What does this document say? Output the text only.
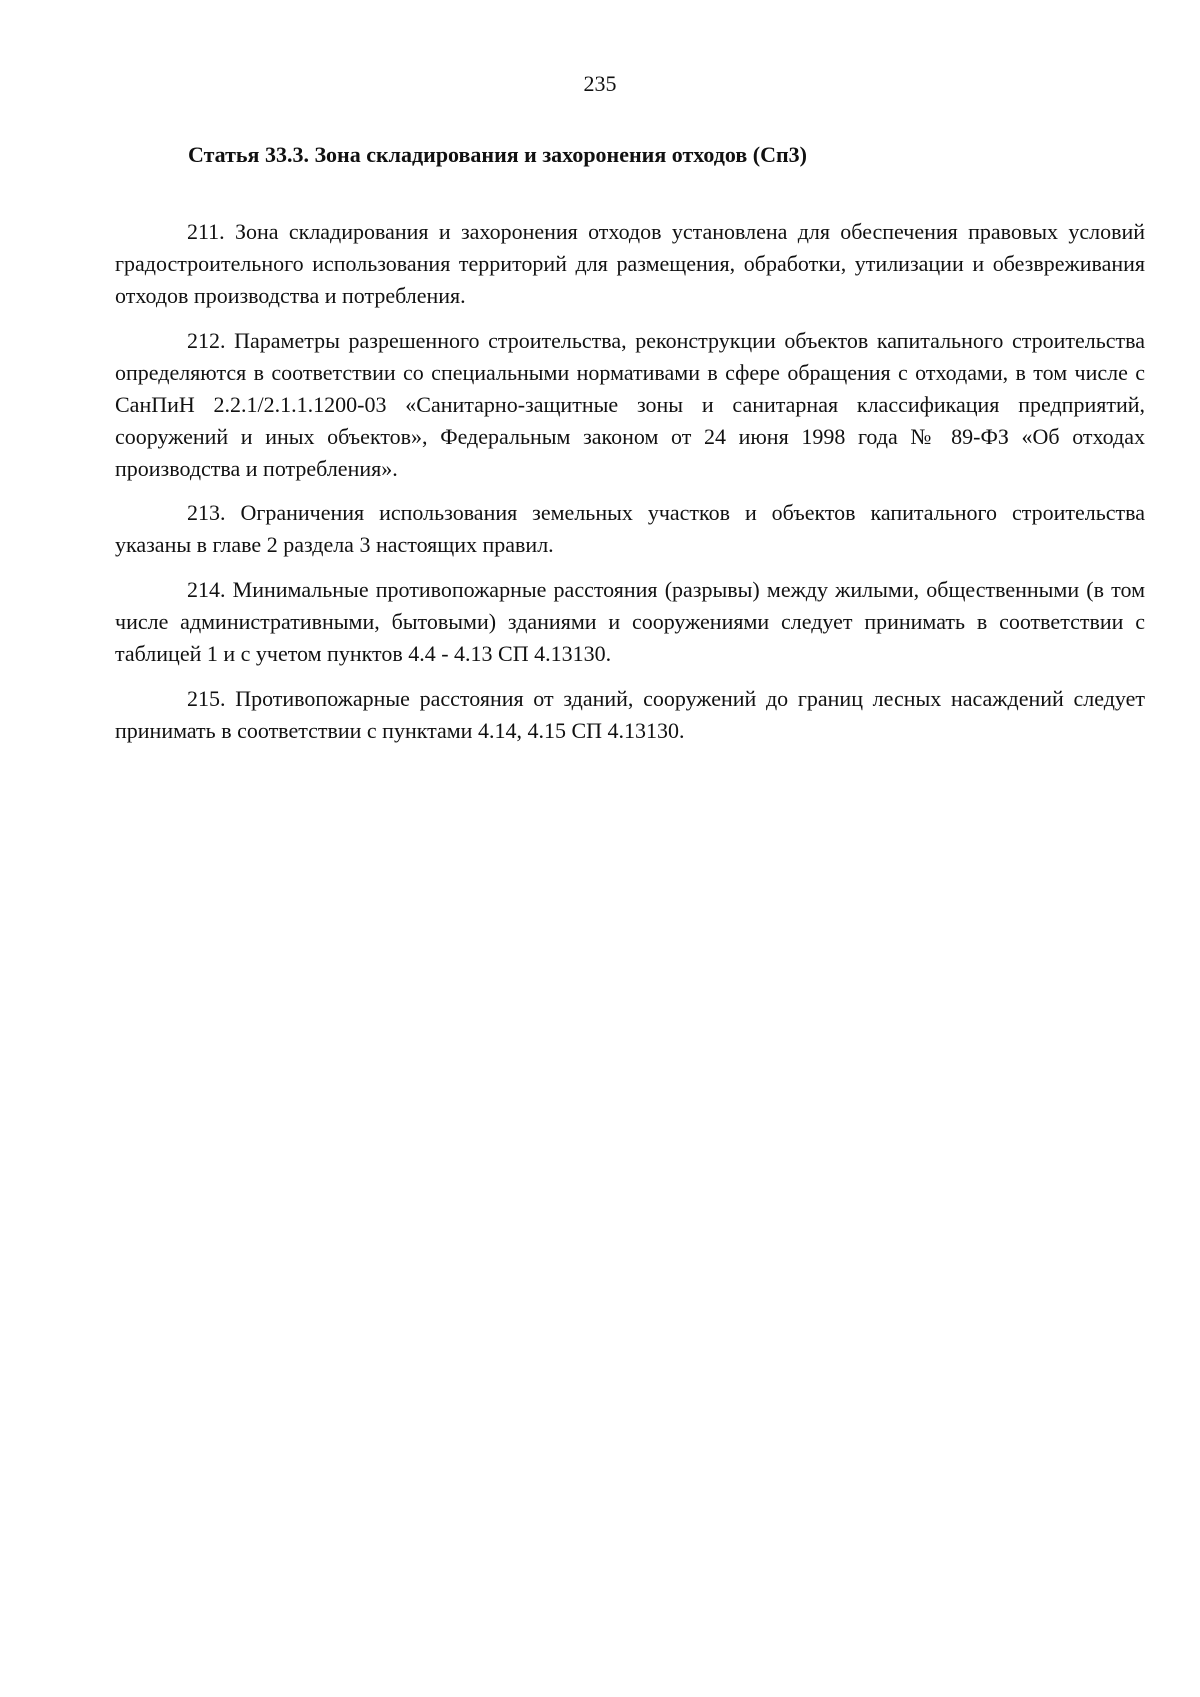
235
Статья 33.3. Зона складирования и захоронения отходов (Сп3)

211. Зона складирования и захоронения отходов установлена для обеспечения правовых условий градостроительного использования территорий для размещения, обработки, утилизации и обезвреживания отходов производства и потребления.

212. Параметры разрешенного строительства, реконструкции объектов капитального строительства определяются в соответствии со специальными нормативами в сфере обращения с отходами, в том числе с СанПиН 2.2.1/2.1.1.1200-03 «Санитарно-защитные зоны и санитарная классификация предприятий, сооружений и иных объектов», Федеральным законом от 24 июня 1998 года № 89-ФЗ «Об отходах производства и потребления».

213. Ограничения использования земельных участков и объектов капитального строительства указаны в главе 2 раздела 3 настоящих правил.

214. Минимальные противопожарные расстояния (разрывы) между жилыми, общественными (в том числе административными, бытовыми) зданиями и сооружениями следует принимать в соответствии с таблицей 1 и с учетом пунктов 4.4 - 4.13 СП 4.13130.

215. Противопожарные расстояния от зданий, сооружений до границ лесных насаждений следует принимать в соответствии с пунктами 4.14, 4.15 СП 4.13130.
